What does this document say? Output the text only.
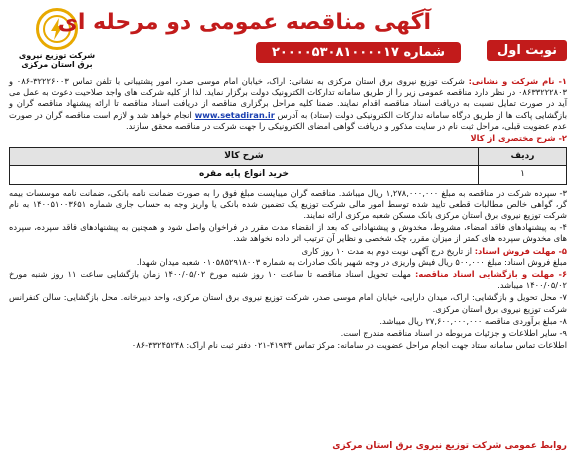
شرکت توزیع نیروی برق استان مرکزی
آگهی مناقصه عمومی دو مرحله ای
شماره ۲۰۰۰۰۵۳۰۸۱۰۰۰۰۱۷	نوبت اول

۱- نام شرکت و نشانی: شرکت توزیع نیروی برق استان مرکزی به نشانی: اراک، خیابان امام موسی صدر، امور پشتیبانی با تلفن تماس ۳۲۲۲۶۰۰۳-۰۸۶ و ۰۸۶۳۳۲۲۲۸۰۳ در نظر دارد مناقصه عمومی زیر را از طریق سامانه تدارکات الکترونیک دولت برگزار نماید. لذا از کلیه شرکت های واجد صلاحیت دعوت به عمل می آید در صورت تمایل نسبت به دریافت اسناد مناقصه اقدام نمایند. ضمنا کلیه مراحل برگزاری مناقصه از دریافت اسناد مناقصه تا ارائه پیشنهاد مناقصه گران و بازگشایی پاکت ها از طریق درگاه سامانه تدارکات الکترونیکی دولت (ستاد) به آدرس www.setadiran.ir انجام خواهد شد و لازم است مناقصه گران در صورت عدم عضویت قبلی، مراحل ثبت نام در سایت مذکور و دریافت گواهی امضای الکترونیکی را جهت شرکت در مناقصه محقق سازند.

۲- شرح مختصری از کالا

ردیف	شرح کالا
۱	خرید انواع پایه مقره

۳- سپرده شرکت در مناقصه به مبلغ ۱,۲۷۸,۰۰۰,۰۰۰ ریال میباشد. مناقصه گران میبایست مبلغ فوق را به صورت ضمانت نامه بانکی، ضمانت نامه موسسات بیمه گر، گواهی خالص مطالبات قطعی تایید شده توسط امور مالی شرکت توزیع یک تضمین شده بانکی یا واریز وجه به حساب جاری شماره ۱۴۰۰۵۱۰۰۳۶۵۱ به نام شرکت توزیع نیروی برق استان مرکزی بانک مسکن شعبه مرکزی ارائه نمایند.

۴- به پیشنهادهای فاقد امضاء، مشروط، مخدوش و پیشنهاداتی که بعد از انقضاء مدت مقرر در فراخوان واصل شود و همچنین به پیشنهادهای فاقد سپرده، سپرده های مخدوش سپرده های کمتر از میزان مقرر، چک شخصی و نظایر آن ترتیب اثر داده نخواهد شد.

۵- مهلت فروش اسناد: از تاریخ درج آگهی نوبت دوم به مدت ۱۰ روز کاری
مبلغ فروش اسناد: مبلغ ۵۰۰,۰۰۰ ریال فیش واریزی در وجه شهیر بانک صادرات به شماره ۰۱۰۵۸۵۲۹۱۸۰۰۳ شعبه میدان شهدا.

۶- مهلت و بازگشایی اسناد مناقصه: مهلت تحویل اسناد مناقصه تا ساعت ۱۰ روز شنبه مورخ ۱۴۰۰/۰۵/۰۲ زمان بازگشایی ساعت ۱۱ روز شنبه مورخ ۱۴۰۰/۰۵/۰۲ میباشد.

۷- محل تحویل و بازگشایی: اراک، میدان دارایی، خیابان امام موسی صدر، شرکت توزیع نیروی برق استان مرکزی، واحد دبیرخانه. محل بازگشایی: سالن کنفرانس شرکت توزیع نیروی برق استان مرکزی.

۸- مبلغ برآوردی مناقصه ۲۷,۶۰۰,۰۰۰,۰۰۰ ریال میباشد.

۹- سایر اطلاعات و جزئیات مربوطه در اسناد مناقصه مندرج است.

اطلاعات تماس سامانه ستاد جهت انجام مراحل عضویت در سامانه: مرکز تماس ۴۱۹۳۴-۰۲۱ دفتر ثبت نام اراک: ۳۳۲۴۵۲۴۸-۰۸۶

روابط عمومی شرکت توزیع نیروی برق استان مرکزی
